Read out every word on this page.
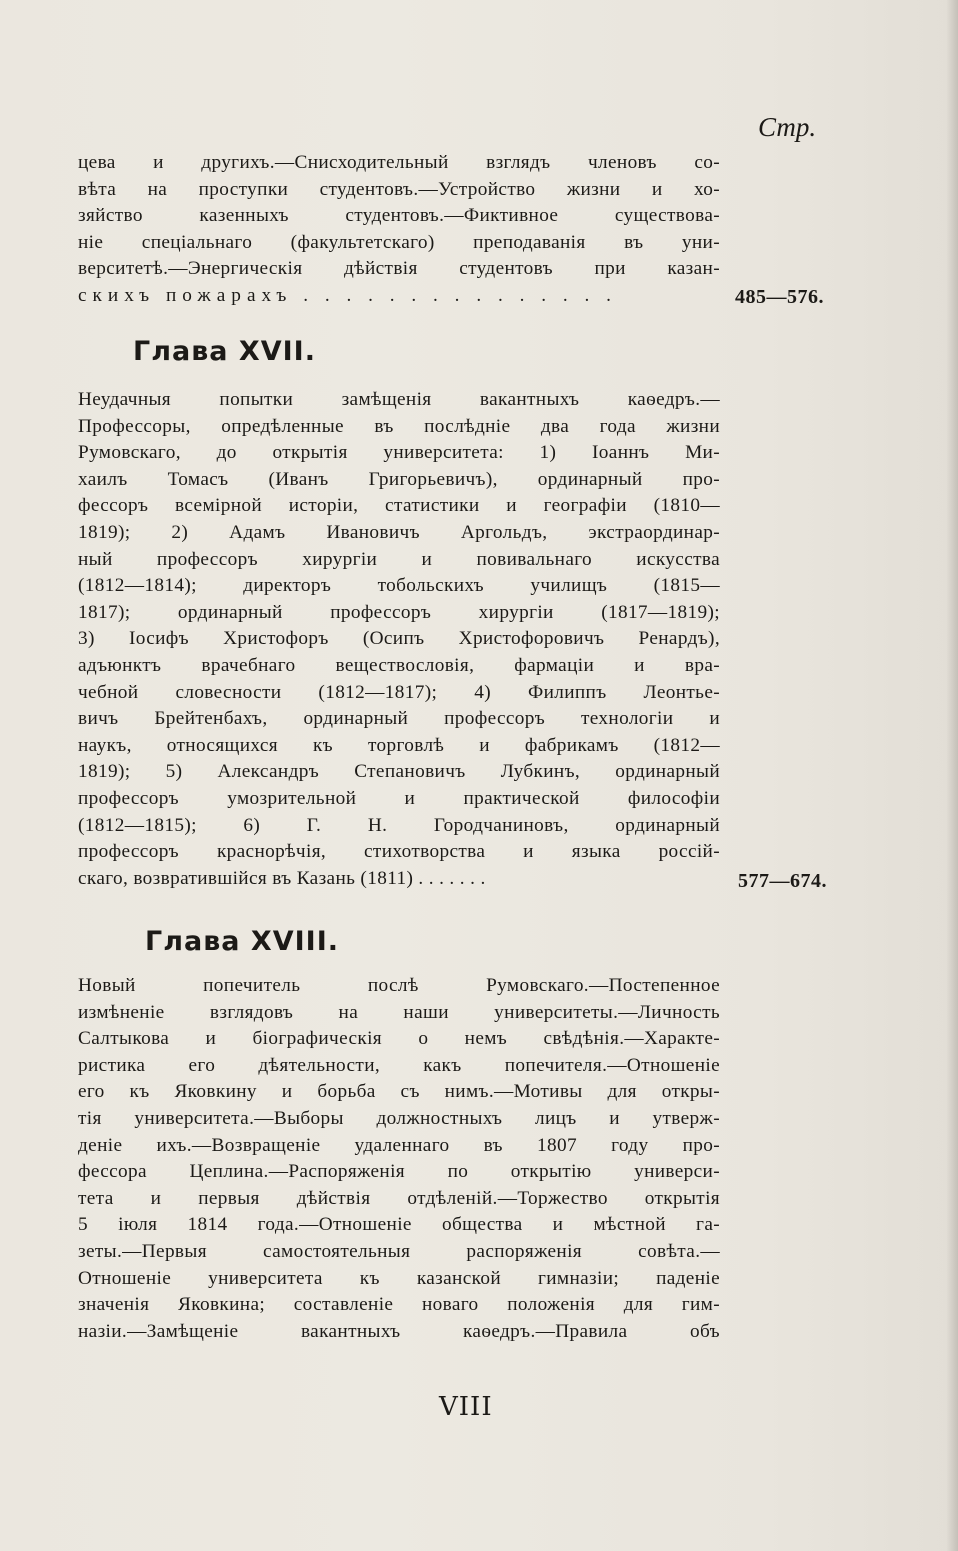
Стр.
цева и другихъ.—Снисходительный взглядъ членовъ со-
вѣта на проступки студентовъ.—Устройство жизни и хо-
зяйство казенныхъ студентовъ.—Фиктивное существова-
ніе спеціальнаго (факультетскаго) преподаванія въ уни-
верситетѣ.—Энергическія дѣйствія студентовъ при казан-
скихъ пожарахъ . . . . . . . . . . . . . . .	485—576.
Глава XVII.
Неудачныя попытки замѣщенія вакантныхъ каѳедръ.—
Профессоры, опредѣленные въ послѣдніе два года жизни
Румовскаго, до открытія университета: 1) Іоаннъ Ми-
хаилъ Томасъ (Иванъ Григорьевичъ), ординарный про-
фессоръ всемірной исторіи, статистики и географіи (1810—
1819); 2) Адамъ Ивановичъ Аргольдъ, экстраординар-
ный профессоръ хирургіи и повивальнаго искусства
(1812—1814); директоръ тобольскихъ училищъ (1815—
1817); ординарный профессоръ хирургіи (1817—1819);
3) Іосифъ Христофоръ (Осипъ Христофоровичъ Ренардъ),
адъюнктъ врачебнаго веществословія, фармаціи и вра-
чебной словесности (1812—1817); 4) Филиппъ Леонтье-
вичъ Брейтенбахъ, ординарный профессоръ технологіи и
наукъ, относящихся къ торговлѣ и фабрикамъ (1812—
1819); 5) Александръ Степановичъ Лубкинъ, ординарный
профессоръ умозрительной и практической философіи
(1812—1815); 6) Г. Н. Городчаниновъ, ординарный
профессоръ краснорѣчія, стихотворства и языка россій-
скаго, возвратившійся въ Казань (1811) . . . . . . .	577—674.
Глава XVIII.
Новый попечитель послѣ Румовскаго.—Постепенное
измѣненіе взглядовъ на наши университеты.—Личность
Салтыкова и біографическія о немъ свѣдѣнія.—Характе-
ристика его дѣятельности, какъ попечителя.—Отношеніе
его къ Яковкину и борьба съ нимъ.—Мотивы для откры-
тія университета.—Выборы должностныхъ лицъ и утверж-
деніе ихъ.—Возвращеніе удаленнаго въ 1807 году про-
фессора Цеплина.—Распоряженія по открытію универси-
тета и первыя дѣйствія отдѣленій.—Торжество открытія
5 іюля 1814 года.—Отношеніе общества и мѣстной га-
зеты.—Первыя самостоятельныя распоряженія совѣта.—
Отношеніе университета къ казанской гимназіи; паденіе
значенія Яковкина; составленіе новаго положенія для гим-
назіи.—Замѣщеніе вакантныхъ каѳедръ.—Правила объ
VIII
